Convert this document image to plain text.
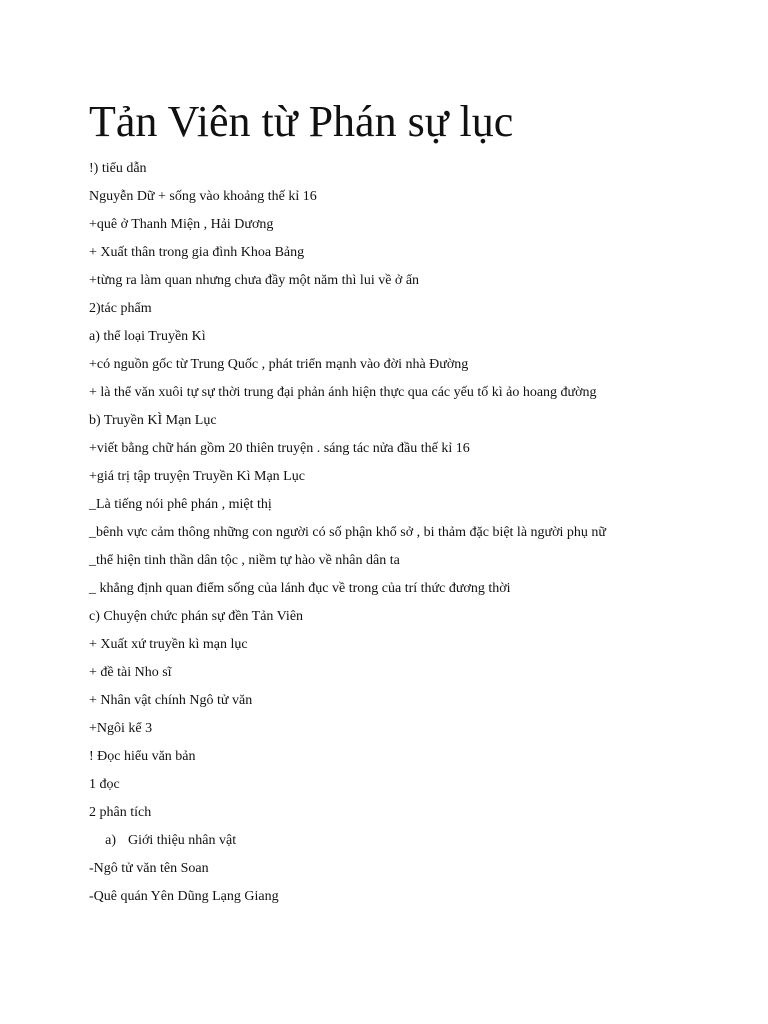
Tản Viên từ Phán sự lục
!) tiểu dẫn
Nguyễn Dữ + sống vào khoảng thế kỉ 16
+quê ở Thanh Miện , Hải Dương
+ Xuất thân trong gia đình Khoa Bảng
+từng ra làm quan nhưng chưa đầy một năm thì lui về ở ẩn
2)tác phẩm
a) thể loại Truyền Kì
+có nguồn gốc từ Trung Quốc , phát triển mạnh vào đời nhà Đường
+ là thể văn xuôi tự sự thời trung đại phản ánh hiện thực qua các yếu tố kì ảo hoang đường
b) Truyền KÌ Mạn Lục
+viết bằng chữ hán gồm 20 thiên truyện . sáng tác nửa đầu thế kỉ 16
+giá trị tập truyện Truyền Kì Mạn Lục
_Là tiếng nói phê phán , miệt thị
_bênh vực cảm thông những con người có số phận khổ sở , bi thảm đặc biệt là người phụ nữ
_thể hiện tinh thần dân tộc , niềm tự hào về nhân dân ta
_ khẳng định quan điểm sống của lánh đục về trong của trí thức đương thời
c) Chuyện chức phán sự đền Tản Viên
+ Xuất xứ truyền kì mạn lục
+ đề tài Nho sĩ
+ Nhân vật chính Ngô tử văn
+Ngôi kể 3
! Đọc hiểu văn bản
1 đọc
2 phân tích
a) Giới thiệu nhân vật
-Ngô tử văn tên Soan
-Quê quán Yên Dũng Lạng Giang
